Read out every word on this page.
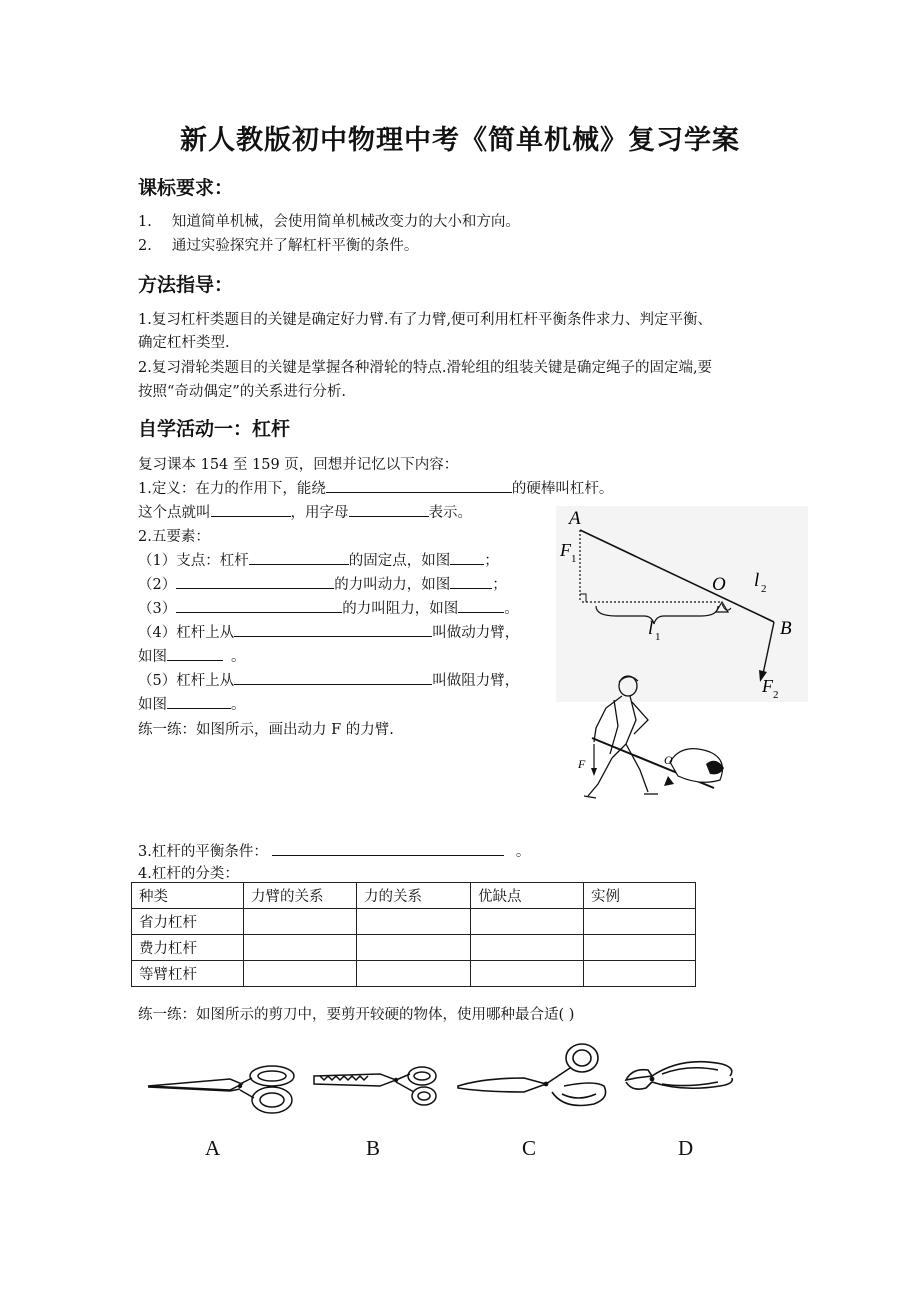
新人教版初中物理中考《简单机械》复习学案
课标要求：
1. 知道简单机械，会使用简单机械改变力的大小和方向。
2. 通过实验探究并了解杠杆平衡的条件。
方法指导：
1.复习杠杆类题目的关键是确定好力臂.有了力臂,便可利用杠杆平衡条件求力、判定平衡、
确定杠杆类型.
2.复习滑轮类题目的关键是掌握各种滑轮的特点.滑轮组的组装关键是确定绳子的固定端,要
按照“奇动偶定”的关系进行分析.
自学活动一：杠杆
复习课本 154 至 159 页，回想并记忆以下内容：
1.定义：在力的作用下，能绕	的硬棒叫杠杆。
这个点就叫	，用字母	表示。
2.五要素：
（1）支点：杠杆	的固定点，如图 ；
（2）	的力叫动力，如图	；
（3）	的力叫阻力，如图	。
（4）杠杆上从	叫做动力臂，
如图	。
（5）杠杆上从	叫做阻力臂，
如图	。
练一练：如图所示，画出动力 F 的力臂.
A
F 1
O l 2
B
l 1
F 2
F	O
3.杠杆的平衡条件：	。
4.杠杆的分类：
种类	力臂的关系	力的关系	优缺点	实例
省力杠杆				
费力杠杆				
等臂杠杆				
练一练：如图所示的剪刀中，要剪开较硬的物体，使用哪种最合适( )
A	B	C	D
